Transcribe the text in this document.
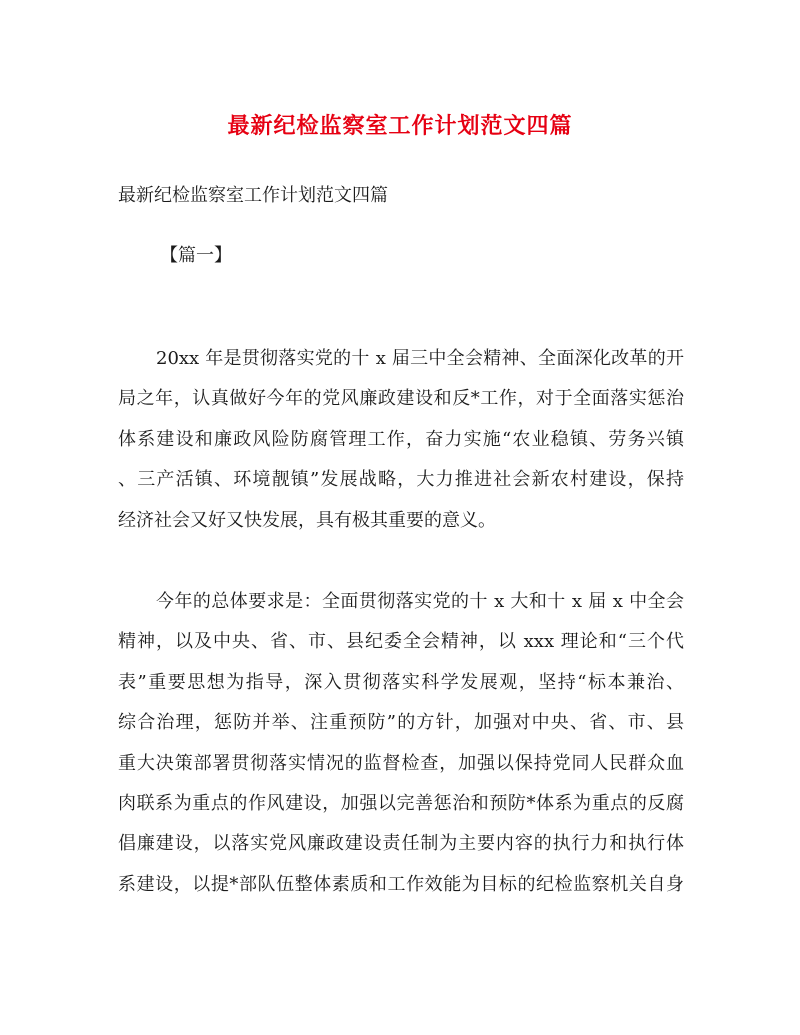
最新纪检监察室工作计划范文四篇
最新纪检监察室工作计划范文四篇
【篇一】

20xx 年是贯彻落实党的十 x 届三中全会精神、全面深化改革的开
局之年，认真做好今年的党风廉政建设和反*工作，对于全面落实惩治
体系建设和廉政风险防腐管理工作，奋力实施“农业稳镇、劳务兴镇
、三产活镇、环境靓镇”发展战略，大力推进社会新农村建设，保持
经济社会又好又快发展，具有极其重要的意义。

今年的总体要求是：全面贯彻落实党的十 x 大和十 x 届 x 中全会
精神，以及中央、省、市、县纪委全会精神，以 xxx 理论和“三个代
表”重要思想为指导，深入贯彻落实科学发展观，坚持“标本兼治、
综合治理，惩防并举、注重预防”的方针，加强对中央、省、市、县
重大决策部署贯彻落实情况的监督检查，加强以保持党同人民群众血
肉联系为重点的作风建设，加强以完善惩治和预防*体系为重点的反腐
倡廉建设，以落实党风廉政建设责任制为主要内容的执行力和执行体
系建设，以提*部队伍整体素质和工作效能为目标的纪检监察机关自身
